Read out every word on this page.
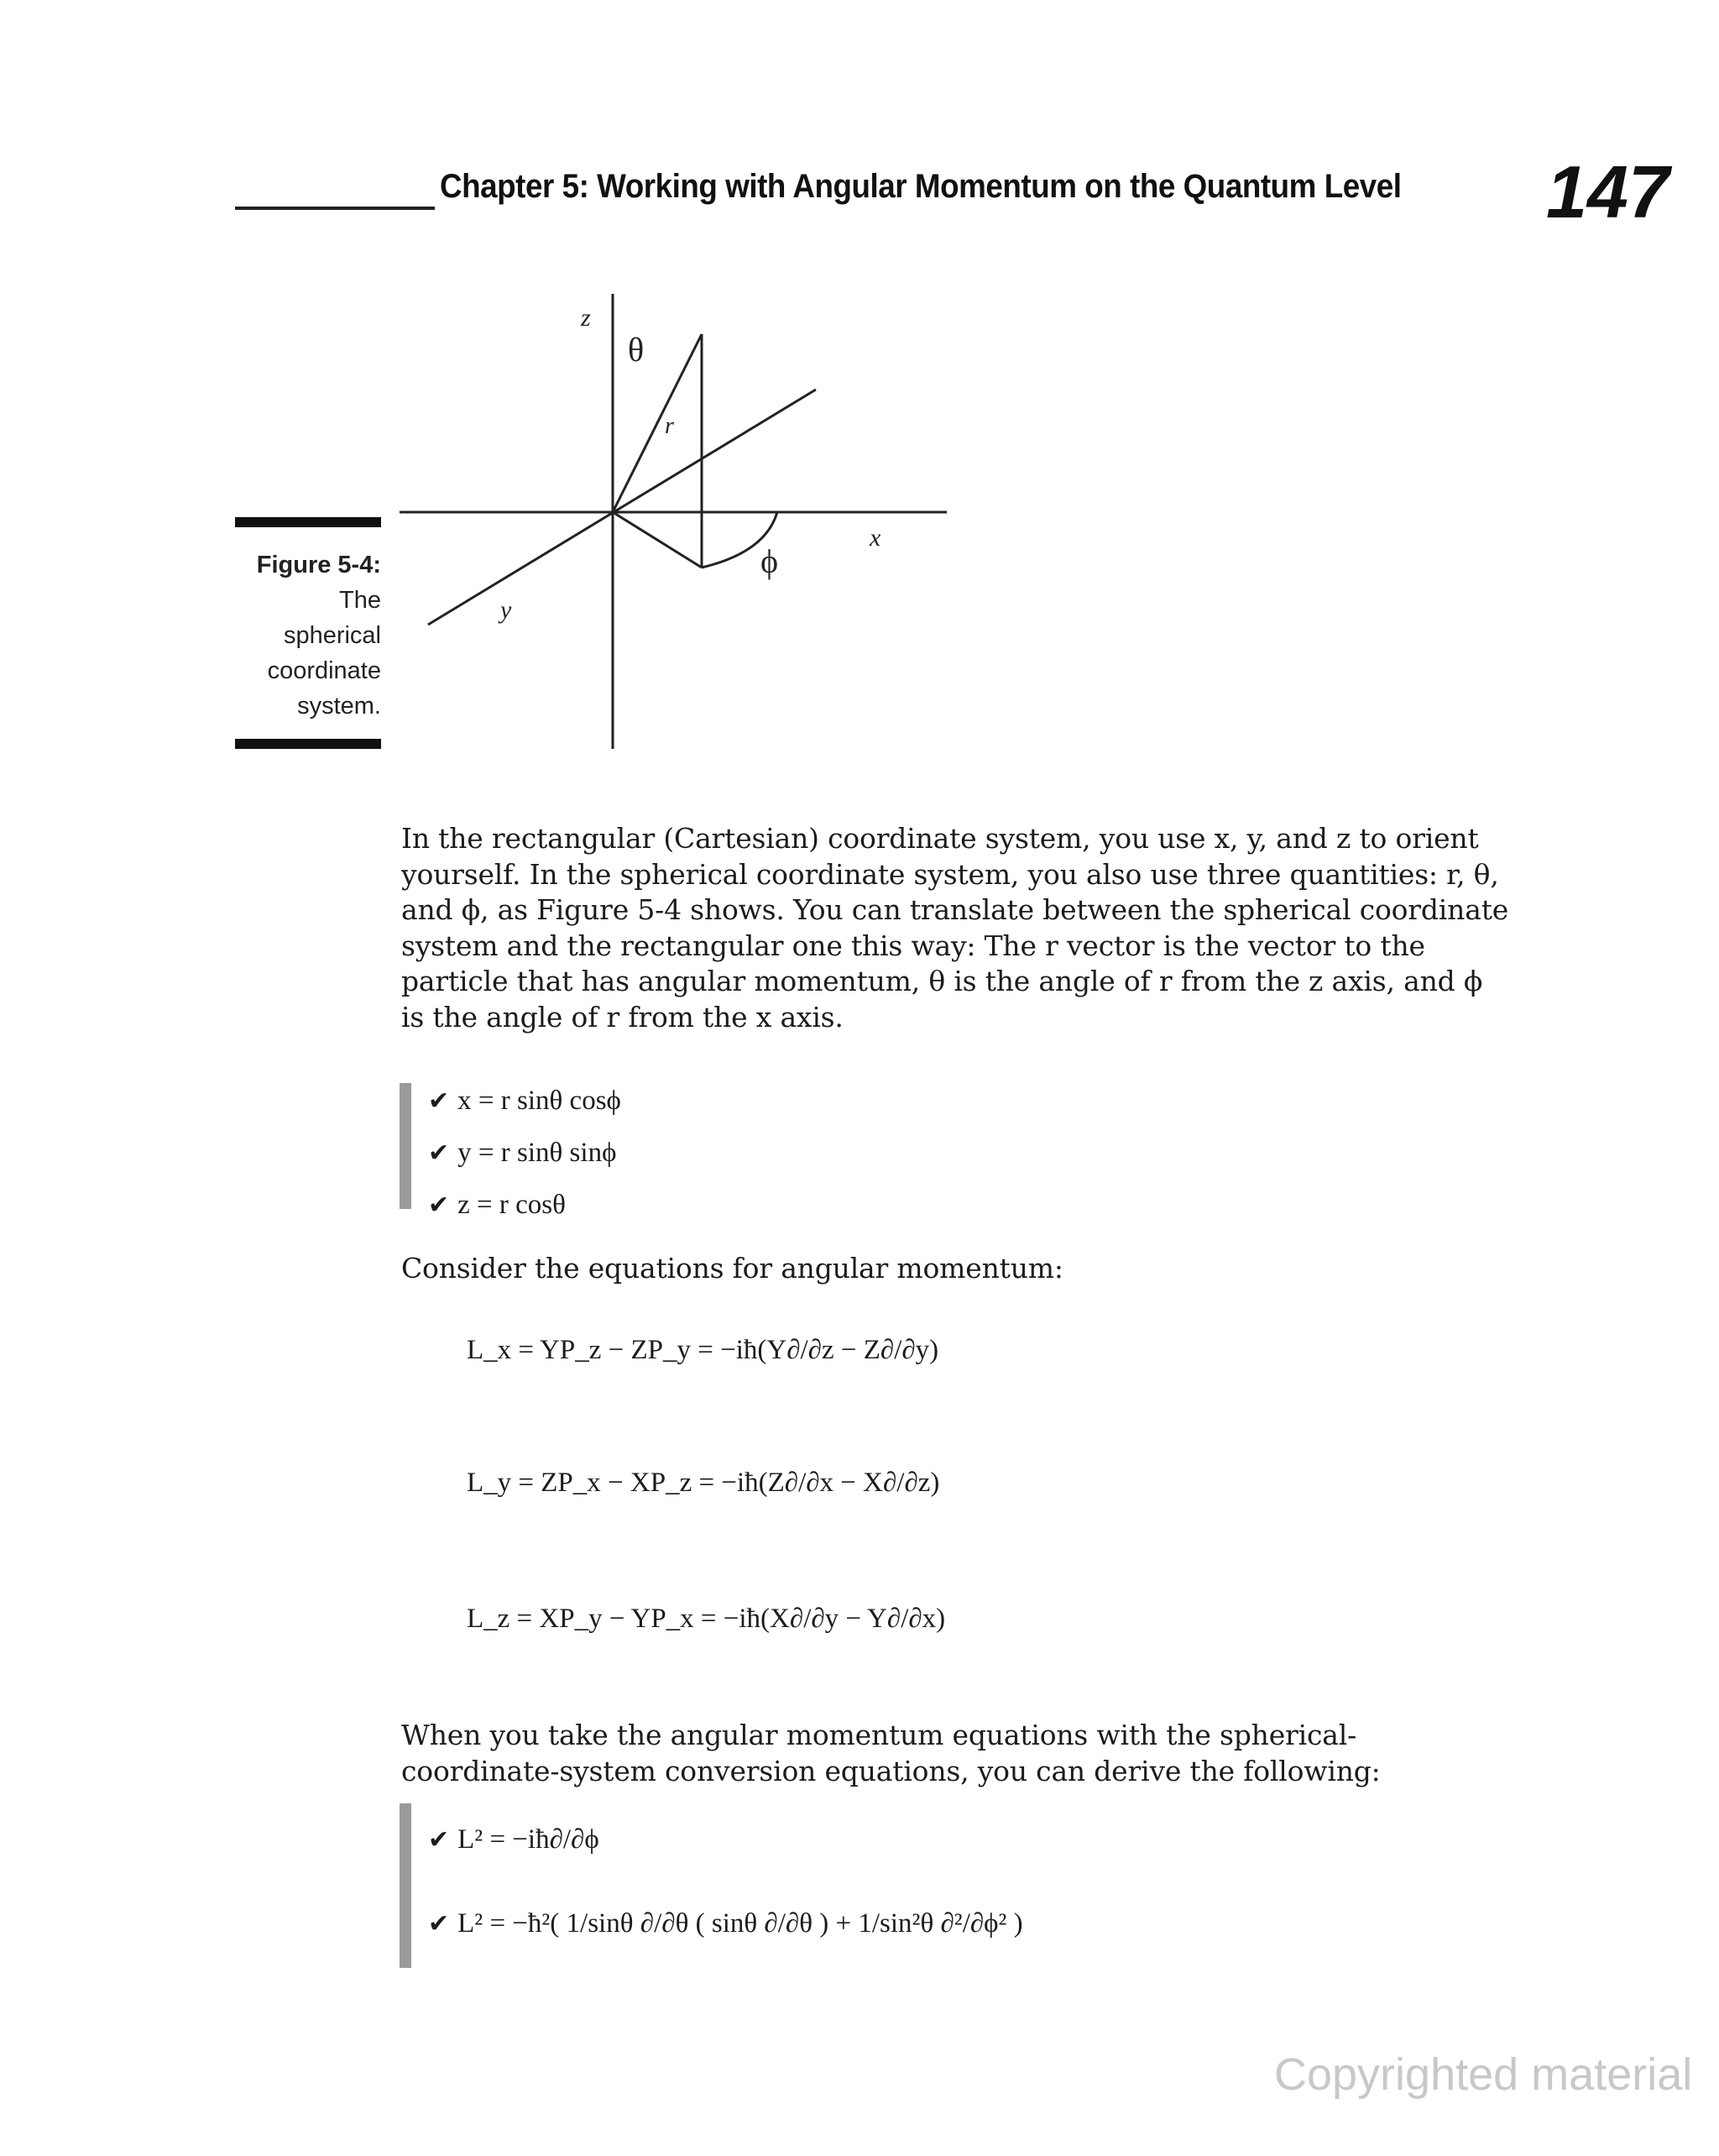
Chapter 5: Working with Angular Momentum on the Quantum Level 147
Figure 5-4:
The spherical coordinate system.
z
θ
r
x
ϕ
y
In the rectangular (Cartesian) coordinate system, you use x, y, and z to orient yourself. In the spherical coordinate system, you also use three quantities: r, θ, and ϕ, as Figure 5-4 shows. You can translate between the spherical coordinate system and the rectangular one this way: The r vector is the vector to the particle that has angular momentum, θ is the angle of r from the z axis, and ϕ is the angle of r from the x axis.
✔ x = r sinθ cosϕ
✔ y = r sinθ sinϕ
✔ z = r cosθ
Consider the equations for angular momentum:
L_x = YP_z − ZP_y = −iħ(Y∂/∂z − Z∂/∂y)
L_y = ZP_x − XP_z = −iħ(Z∂/∂x − X∂/∂z)
L_z = XP_y − YP_x = −iħ(X∂/∂y − Y∂/∂x)
When you take the angular momentum equations with the spherical-coordinate-system conversion equations, you can derive the following:
✔ L² = −iħ∂/∂ϕ
✔ L² = −ħ²( 1/sinθ ∂/∂θ ( sinθ ∂/∂θ ) + 1/sin²θ ∂²/∂ϕ² )
Copyrighted material
